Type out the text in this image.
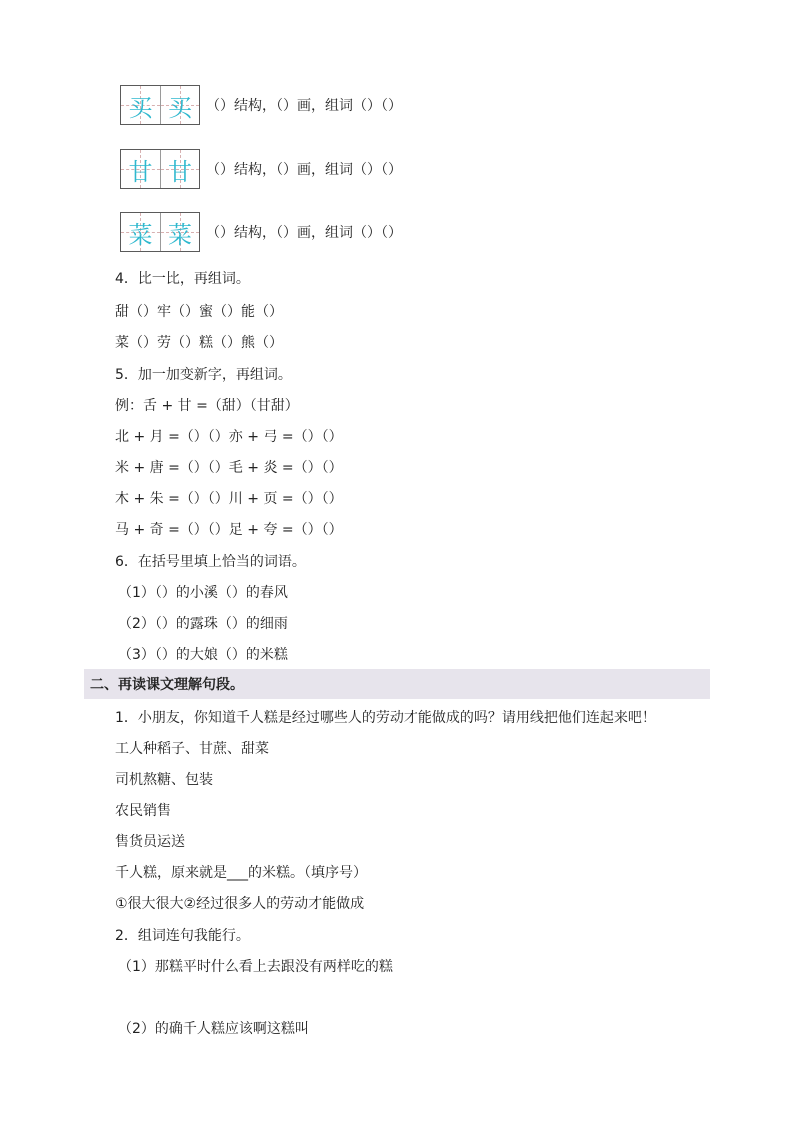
买 买 （）结构，（）画，组词（）（）
甘 甘 （）结构，（）画，组词（）（）
菜 菜 （）结构，（）画，组词（）（）
4．比一比，再组词。
甜（）牢（）蜜（）能（）
菜（）劳（）糕（）熊（）
5．加一加变新字，再组词。
例：舌 + 甘 =（甜）（甘甜）
北 + 月 =（）（）亦 + 弓 =（）（）
米 + 唐 =（）（）毛 + 炎 =（）（）
木 + 朱 =（）（）川 + 页 =（）（）
马 + 奇 =（）（）足 + 夸 =（）（）
6．在括号里填上恰当的词语。
（1）（）的小溪（）的春风
（2）（）的露珠（）的细雨
（3）（）的大娘（）的米糕
二、再读课文理解句段。
1．小朋友，你知道千人糕是经过哪些人的劳动才能做成的吗？请用线把他们连起来吧！
工人种稻子、甘蔗、甜菜
司机熬糖、包装
农民销售
售货员运送
千人糕，原来就是___的米糕。（填序号）
①很大很大②经过很多人的劳动才能做成
2．组词连句我能行。
（1）那糕平时什么看上去跟没有两样吃的糕
（2）的确千人糕应该啊这糕叫
